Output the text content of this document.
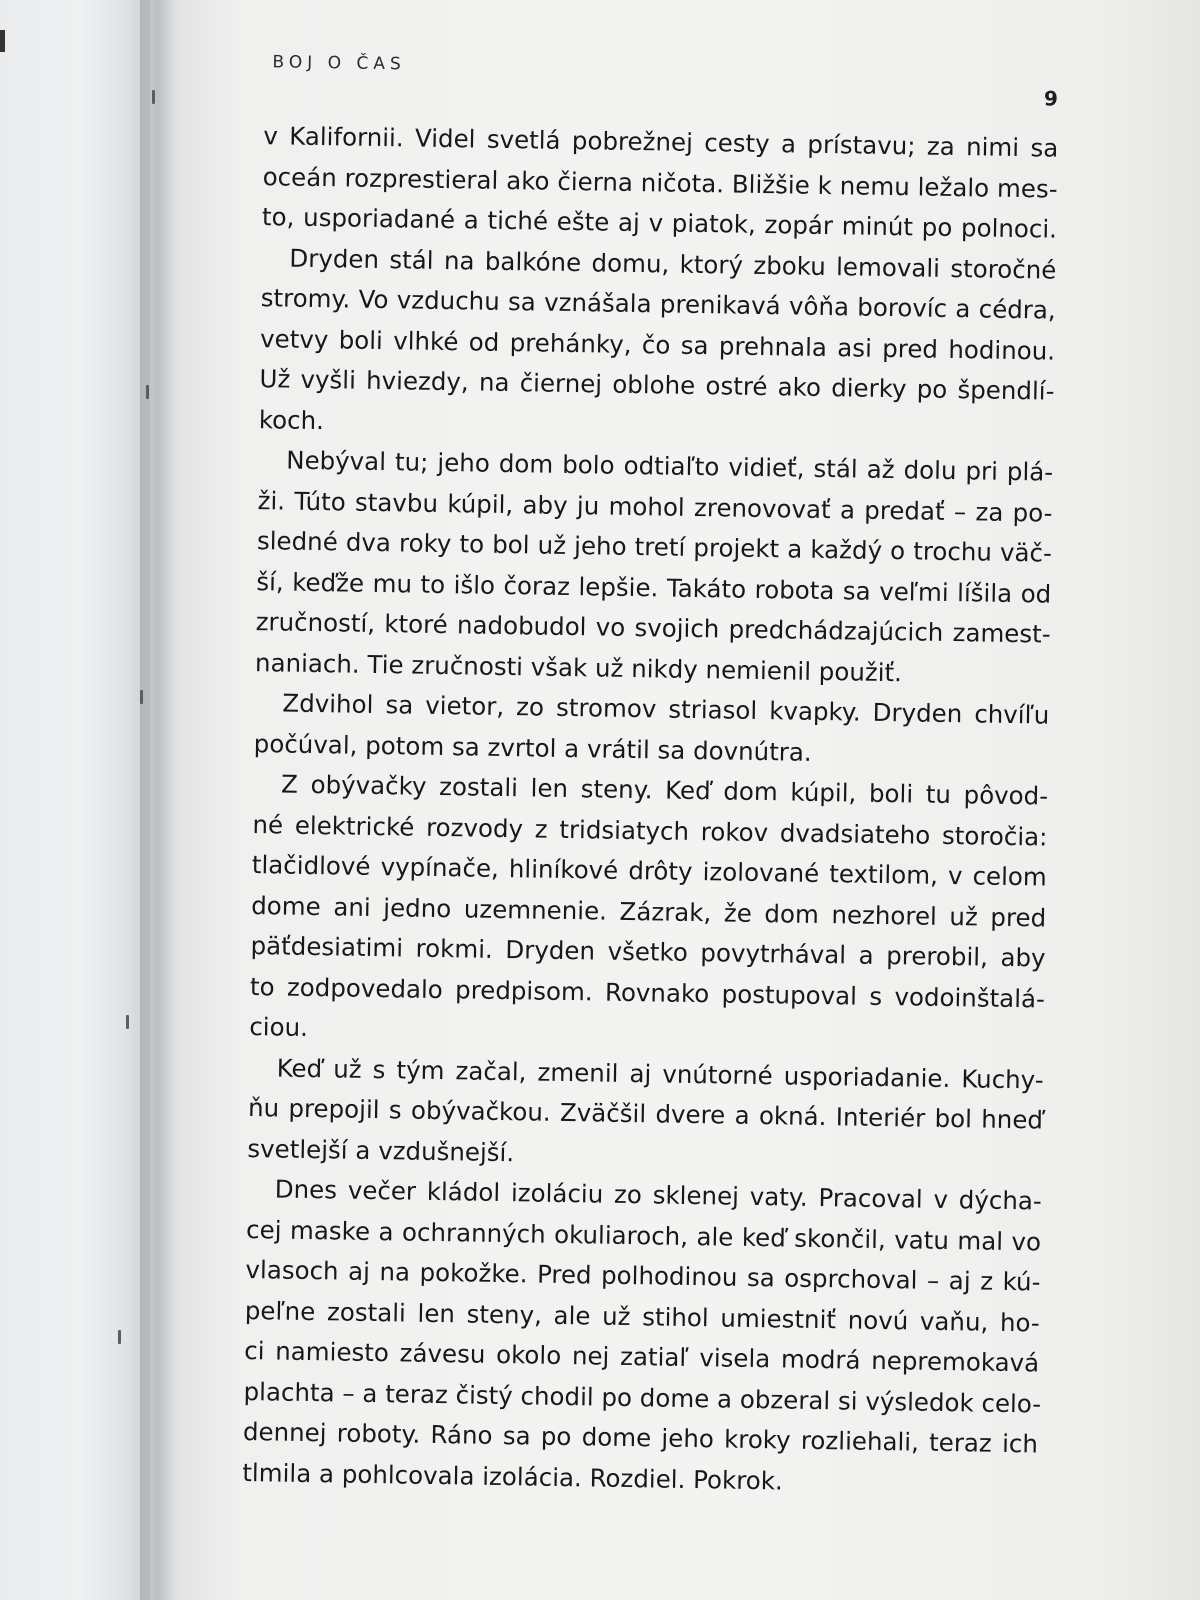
BOJ O ČAS
9
v Kalifornii. Videl svetlá pobrežnej cesty a prístavu; za nimi sa
oceán rozprestieral ako čierna ničota. Bližšie k nemu ležalo mes-
to, usporiadané a tiché ešte aj v piatok, zopár minút po polnoci.
Dryden stál na balkóne domu, ktorý zboku lemovali storočné
stromy. Vo vzduchu sa vznášala prenikavá vôňa borovíc a cédra,
vetvy boli vlhké od prehánky, čo sa prehnala asi pred hodinou.
Už vyšli hviezdy, na čiernej oblohe ostré ako dierky po špendlí-
koch.
Nebýval tu; jeho dom bolo odtiaľto vidieť, stál až dolu pri plá-
ži. Túto stavbu kúpil, aby ju mohol zrenovovať a predať – za po-
sledné dva roky to bol už jeho tretí projekt a každý o trochu väč-
ší, keďže mu to išlo čoraz lepšie. Takáto robota sa veľmi líšila od
zručností, ktoré nadobudol vo svojich predchádzajúcich zamest-
naniach. Tie zručnosti však už nikdy nemienil použiť.
Zdvihol sa vietor, zo stromov striasol kvapky. Dryden chvíľu
počúval, potom sa zvrtol a vrátil sa dovnútra.
Z obývačky zostali len steny. Keď dom kúpil, boli tu pôvod-
né elektrické rozvody z tridsiatych rokov dvadsiateho storočia:
tlačidlové vypínače, hliníkové drôty izolované textilom, v celom
dome ani jedno uzemnenie. Zázrak, že dom nezhorel už pred
päťdesiatimi rokmi. Dryden všetko povytrhával a prerobil, aby
to zodpovedalo predpisom. Rovnako postupoval s vodoinštalá-
ciou.
Keď už s tým začal, zmenil aj vnútorné usporiadanie. Kuchy-
ňu prepojil s obývačkou. Zväčšil dvere a okná. Interiér bol hneď
svetlejší a vzdušnejší.
Dnes večer kládol izoláciu zo sklenej vaty. Pracoval v dýcha-
cej maske a ochranných okuliaroch, ale keď skončil, vatu mal vo
vlasoch aj na pokožke. Pred polhodinou sa osprchoval – aj z kú-
peľne zostali len steny, ale už stihol umiestniť novú vaňu, ho-
ci namiesto závesu okolo nej zatiaľ visela modrá nepremokavá
plachta – a teraz čistý chodil po dome a obzeral si výsledok celo-
dennej roboty. Ráno sa po dome jeho kroky rozliehali, teraz ich
tlmila a pohlcovala izolácia. Rozdiel. Pokrok.
